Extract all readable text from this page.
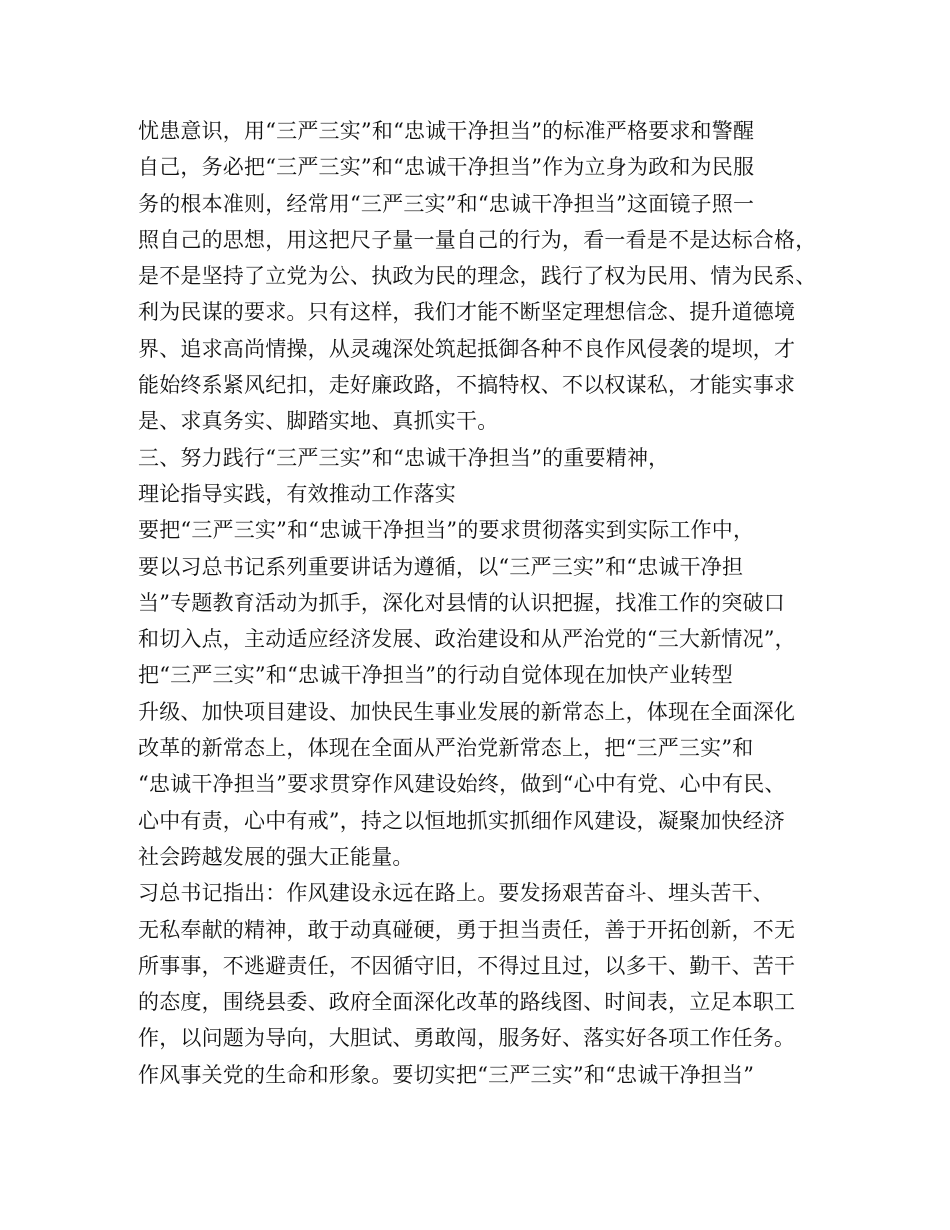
忧患意识，用“三严三实”和“忠诚干净担当”的标准严格要求和警醒
自己，务必把“三严三实”和“忠诚干净担当”作为立身为政和为民服
务的根本准则，经常用“三严三实”和“忠诚干净担当”这面镜子照一
照自己的思想，用这把尺子量一量自己的行为，看一看是不是达标合格，
是不是坚持了立党为公、执政为民的理念，践行了权为民用、情为民系、
利为民谋的要求。只有这样，我们才能不断坚定理想信念、提升道德境
界、追求高尚情操，从灵魂深处筑起抵御各种不良作风侵袭的堤坝，才
能始终系紧风纪扣，走好廉政路，不搞特权、不以权谋私，才能实事求
是、求真务实、脚踏实地、真抓实干。
三、努力践行“三严三实”和“忠诚干净担当”的重要精神，
理论指导实践，有效推动工作落实
要把“三严三实”和“忠诚干净担当”的要求贯彻落实到实际工作中，
要以习总书记系列重要讲话为遵循，以“三严三实”和“忠诚干净担
当”专题教育活动为抓手，深化对县情的认识把握，找准工作的突破口
和切入点，主动适应经济发展、政治建设和从严治党的“三大新情况”，
把“三严三实”和“忠诚干净担当”的行动自觉体现在加快产业转型
升级、加快项目建设、加快民生事业发展的新常态上，体现在全面深化
改革的新常态上，体现在全面从严治党新常态上，把“三严三实”和
“忠诚干净担当”要求贯穿作风建设始终，做到“心中有党、心中有民、
心中有责，心中有戒”，持之以恒地抓实抓细作风建设，凝聚加快经济
社会跨越发展的强大正能量。
习总书记指出：作风建设永远在路上。要发扬艰苦奋斗、埋头苦干、
无私奉献的精神，敢于动真碰硬，勇于担当责任，善于开拓创新，不无
所事事，不逃避责任，不因循守旧，不得过且过，以多干、勤干、苦干
的态度，围绕县委、政府全面深化改革的路线图、时间表，立足本职工
作，以问题为导向，大胆试、勇敢闯，服务好、落实好各项工作任务。
作风事关党的生命和形象。要切实把“三严三实”和“忠诚干净担当”
